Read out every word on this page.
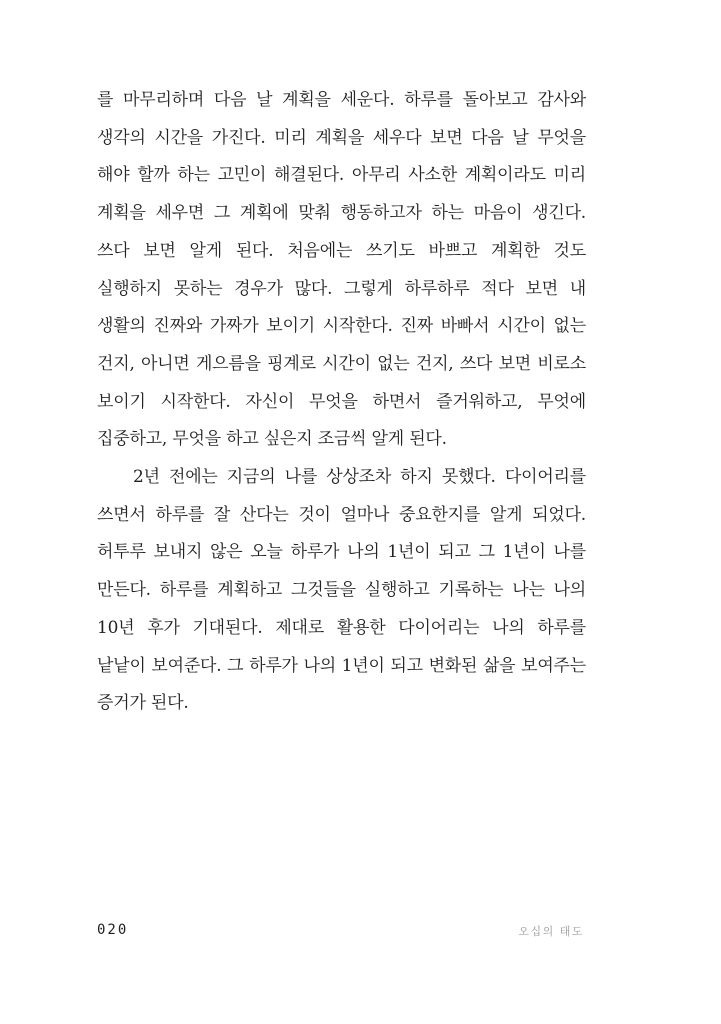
를 마무리하며 다음 날 계획을 세운다. 하루를 돌아보고 감사와 생각의 시간을 가진다. 미리 계획을 세우다 보면 다음 날 무엇을 해야 할까 하는 고민이 해결된다. 아무리 사소한 계획이라도 미리 계획을 세우면 그 계획에 맞춰 행동하고자 하는 마음이 생긴다. 쓰다 보면 알게 된다. 처음에는 쓰기도 바쁘고 계획한 것도 실행하지 못하는 경우가 많다. 그렇게 하루하루 적다 보면 내 생활의 진짜와 가짜가 보이기 시작한다. 진짜 바빠서 시간이 없는 건지, 아니면 게으름을 핑계로 시간이 없는 건지, 쓰다 보면 비로소 보이기 시작한다. 자신이 무엇을 하면서 즐거워하고, 무엇에 집중하고, 무엇을 하고 싶은지 조금씩 알게 된다.

2년 전에는 지금의 나를 상상조차 하지 못했다. 다이어리를 쓰면서 하루를 잘 산다는 것이 얼마나 중요한지를 알게 되었다. 허투루 보내지 않은 오늘 하루가 나의 1년이 되고 그 1년이 나를 만든다. 하루를 계획하고 그것들을 실행하고 기록하는 나는 나의 10년 후가 기대된다. 제대로 활용한 다이어리는 나의 하루를 낱낱이 보여준다. 그 하루가 나의 1년이 되고 변화된 삶을 보여주는 증거가 된다.

020	오십의 태도
